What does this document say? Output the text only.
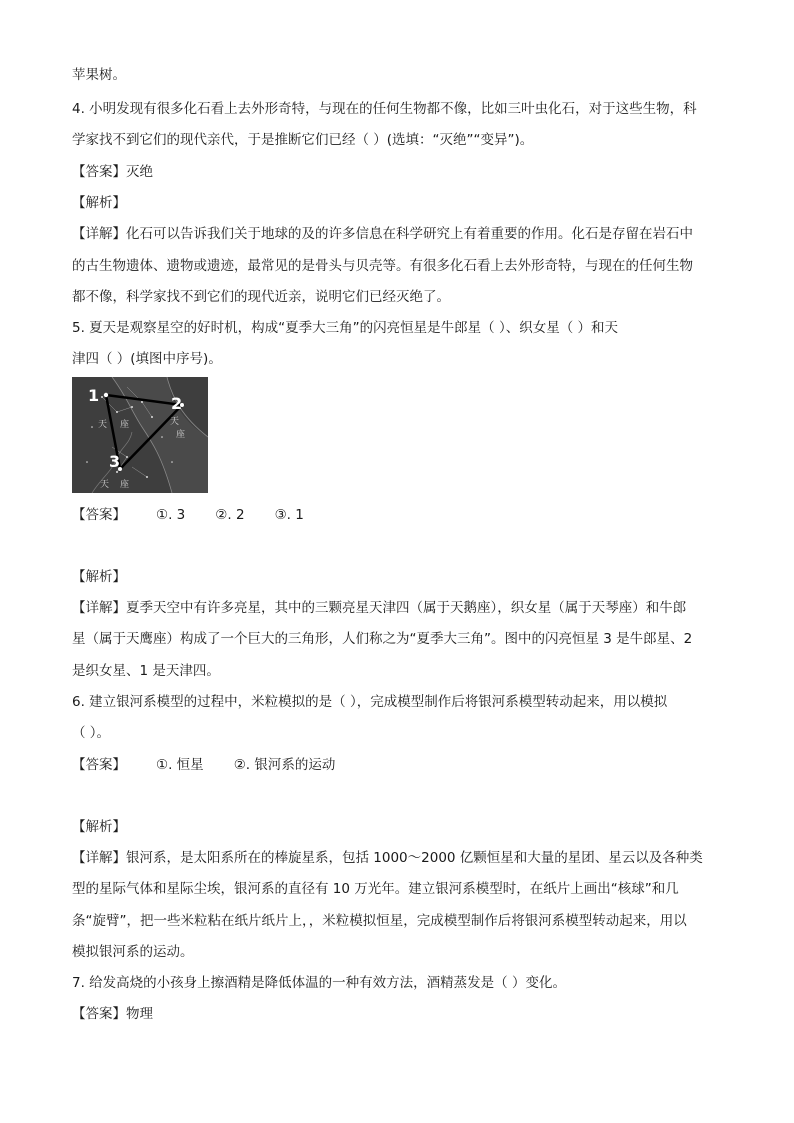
苹果树。
4. 小明发现有很多化石看上去外形奇特，与现在的任何生物都不像，比如三叶虫化石，对于这些生物，科
学家找不到它们的现代亲代，于是推断它们已经（ ）(选填：“灭绝”“变异”)。
【答案】灭绝
【解析】
【详解】化石可以告诉我们关于地球的及的许多信息在科学研究上有着重要的作用。化石是存留在岩石中
的古生物遗体、遗物或遗迹，最常见的是骨头与贝壳等。有很多化石看上去外形奇特，与现在的任何生物
都不像，科学家找不到它们的现代近亲，说明它们已经灭绝了。
5. 夏天是观察星空的好时机，构成“夏季大三角”的闪亮恒星是牛郎星（ ）、织女星（ ）和天
津四（ ）(填图中序号)。
1	2
3
天 座	天
座
天 座
【答案】 ①. 3 ②. 2 ③. 1
【解析】
【详解】夏季天空中有许多亮星，其中的三颗亮星天津四（属于天鹅座），织女星（属于天琴座）和牛郎
星（属于天鹰座）构成了一个巨大的三角形，人们称之为“夏季大三角”。图中的闪亮恒星 3 是牛郎星、2
是织女星、1 是天津四。
6. 建立银河系模型的过程中，米粒模拟的是（ ），完成模型制作后将银河系模型转动起来，用以模拟
（ ）。
【答案】 ①. 恒星 ②. 银河系的运动
【解析】
【详解】银河系，是太阳系所在的棒旋星系，包括 1000～2000 亿颗恒星和大量的星团、星云以及各种类
型的星际气体和星际尘埃，银河系的直径有 10 万光年。建立银河系模型时，在纸片上画出“核球”和几
条“旋臂”，把一些米粒粘在纸片纸片上，，米粒模拟恒星，完成模型制作后将银河系模型转动起来，用以
模拟银河系的运动。
7. 给发高烧的小孩身上擦酒精是降低体温的一种有效方法，酒精蒸发是（ ）变化。
【答案】物理
